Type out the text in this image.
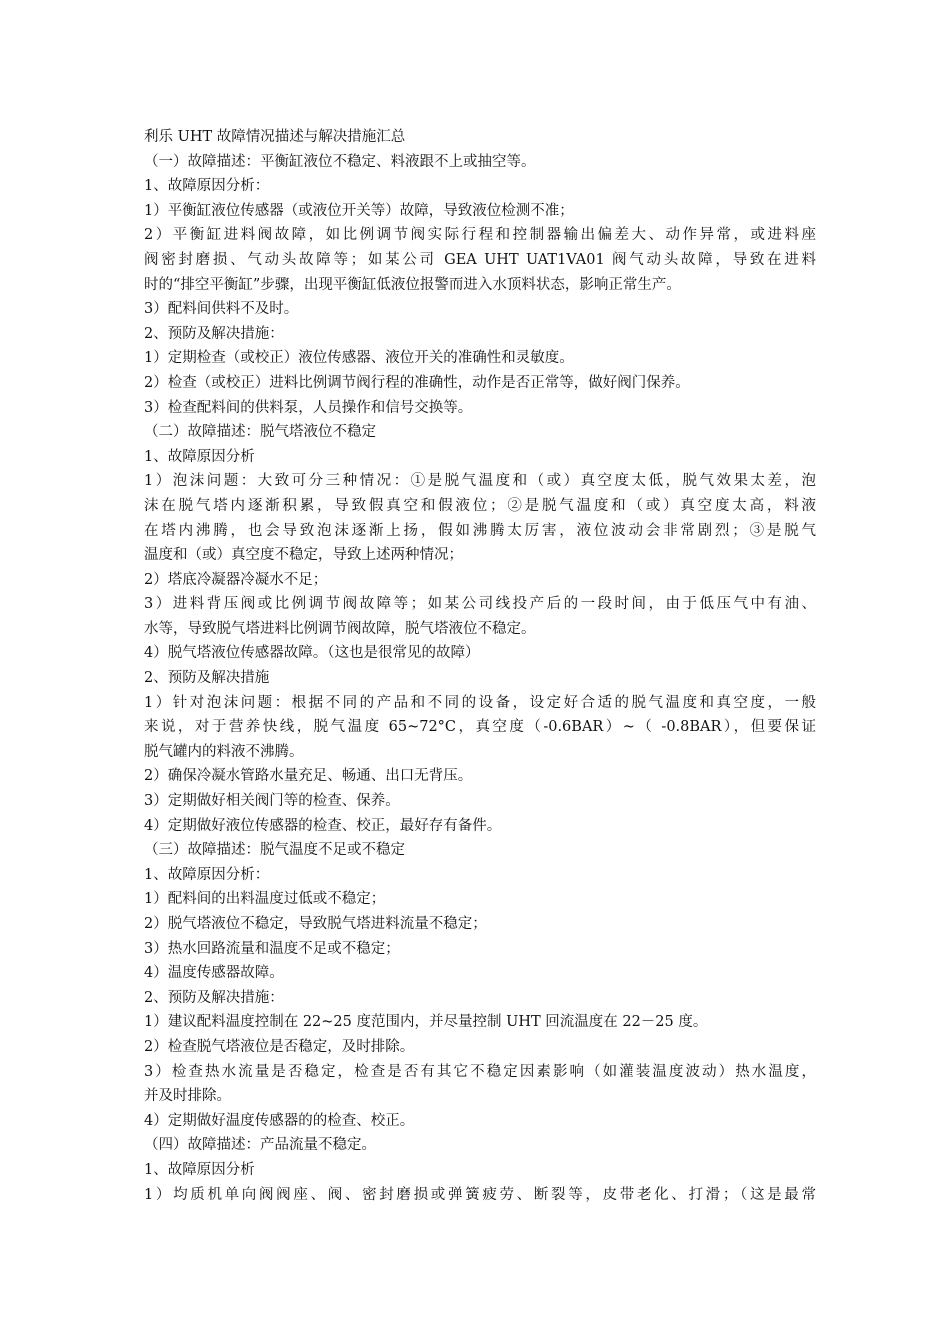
利乐 UHT 故障情况描述与解决措施汇总
（一）故障描述：平衡缸液位不稳定、料液跟不上或抽空等。
1、故障原因分析：
1）平衡缸液位传感器（或液位开关等）故障，导致液位检测不准；
2）平衡缸进料阀故障，如比例调节阀实际行程和控制器输出偏差大、动作异常，或进料座
阀密封磨损、气动头故障等；如某公司 GEA UHT UAT1VA01 阀气动头故障，导致在进料
时的“排空平衡缸”步骤，出现平衡缸低液位报警而进入水顶料状态，影响正常生产。
3）配料间供料不及时。
2、预防及解决措施：
1）定期检查（或校正）液位传感器、液位开关的准确性和灵敏度。
2）检查（或校正）进料比例调节阀行程的准确性，动作是否正常等，做好阀门保养。
3）检查配料间的供料泵，人员操作和信号交换等。
（二）故障描述：脱气塔液位不稳定
1、故障原因分析
1）泡沫问题：大致可分三种情况：①是脱气温度和（或）真空度太低，脱气效果太差，泡
沫在脱气塔内逐渐积累，导致假真空和假液位；②是脱气温度和（或）真空度太高，料液
在塔内沸腾，也会导致泡沫逐渐上扬，假如沸腾太厉害，液位波动会非常剧烈；③是脱气
温度和（或）真空度不稳定，导致上述两种情况；
2）塔底冷凝器冷凝水不足；
3）进料背压阀或比例调节阀故障等；如某公司线投产后的一段时间，由于低压气中有油、
水等，导致脱气塔进料比例调节阀故障，脱气塔液位不稳定。
4）脱气塔液位传感器故障。（这也是很常见的故障）
2、预防及解决措施
1）针对泡沫问题：根据不同的产品和不同的设备，设定好合适的脱气温度和真空度，一般
来说，对于营养快线，脱气温度 65~72°C，真空度（-0.6BAR）~（ -0.8BAR），但要保证
脱气罐内的料液不沸腾。
2）确保冷凝水管路水量充足、畅通、出口无背压。
3）定期做好相关阀门等的检查、保养。
4）定期做好液位传感器的检查、校正，最好存有备件。
（三）故障描述：脱气温度不足或不稳定
1、故障原因分析：
1）配料间的出料温度过低或不稳定；
2）脱气塔液位不稳定，导致脱气塔进料流量不稳定；
3）热水回路流量和温度不足或不稳定；
4）温度传感器故障。
2、预防及解决措施：
1）建议配料温度控制在 22~25 度范围内，并尽量控制 UHT 回流温度在 22－25 度。
2）检查脱气塔液位是否稳定，及时排除。
3）检查热水流量是否稳定，检查是否有其它不稳定因素影响（如灌装温度波动）热水温度，
并及时排除。
4）定期做好温度传感器的的检查、校正。
（四）故障描述：产品流量不稳定。
1、故障原因分析
1）均质机单向阀阀座、阀、密封磨损或弹簧疲劳、断裂等，皮带老化、打滑；（这是最常
